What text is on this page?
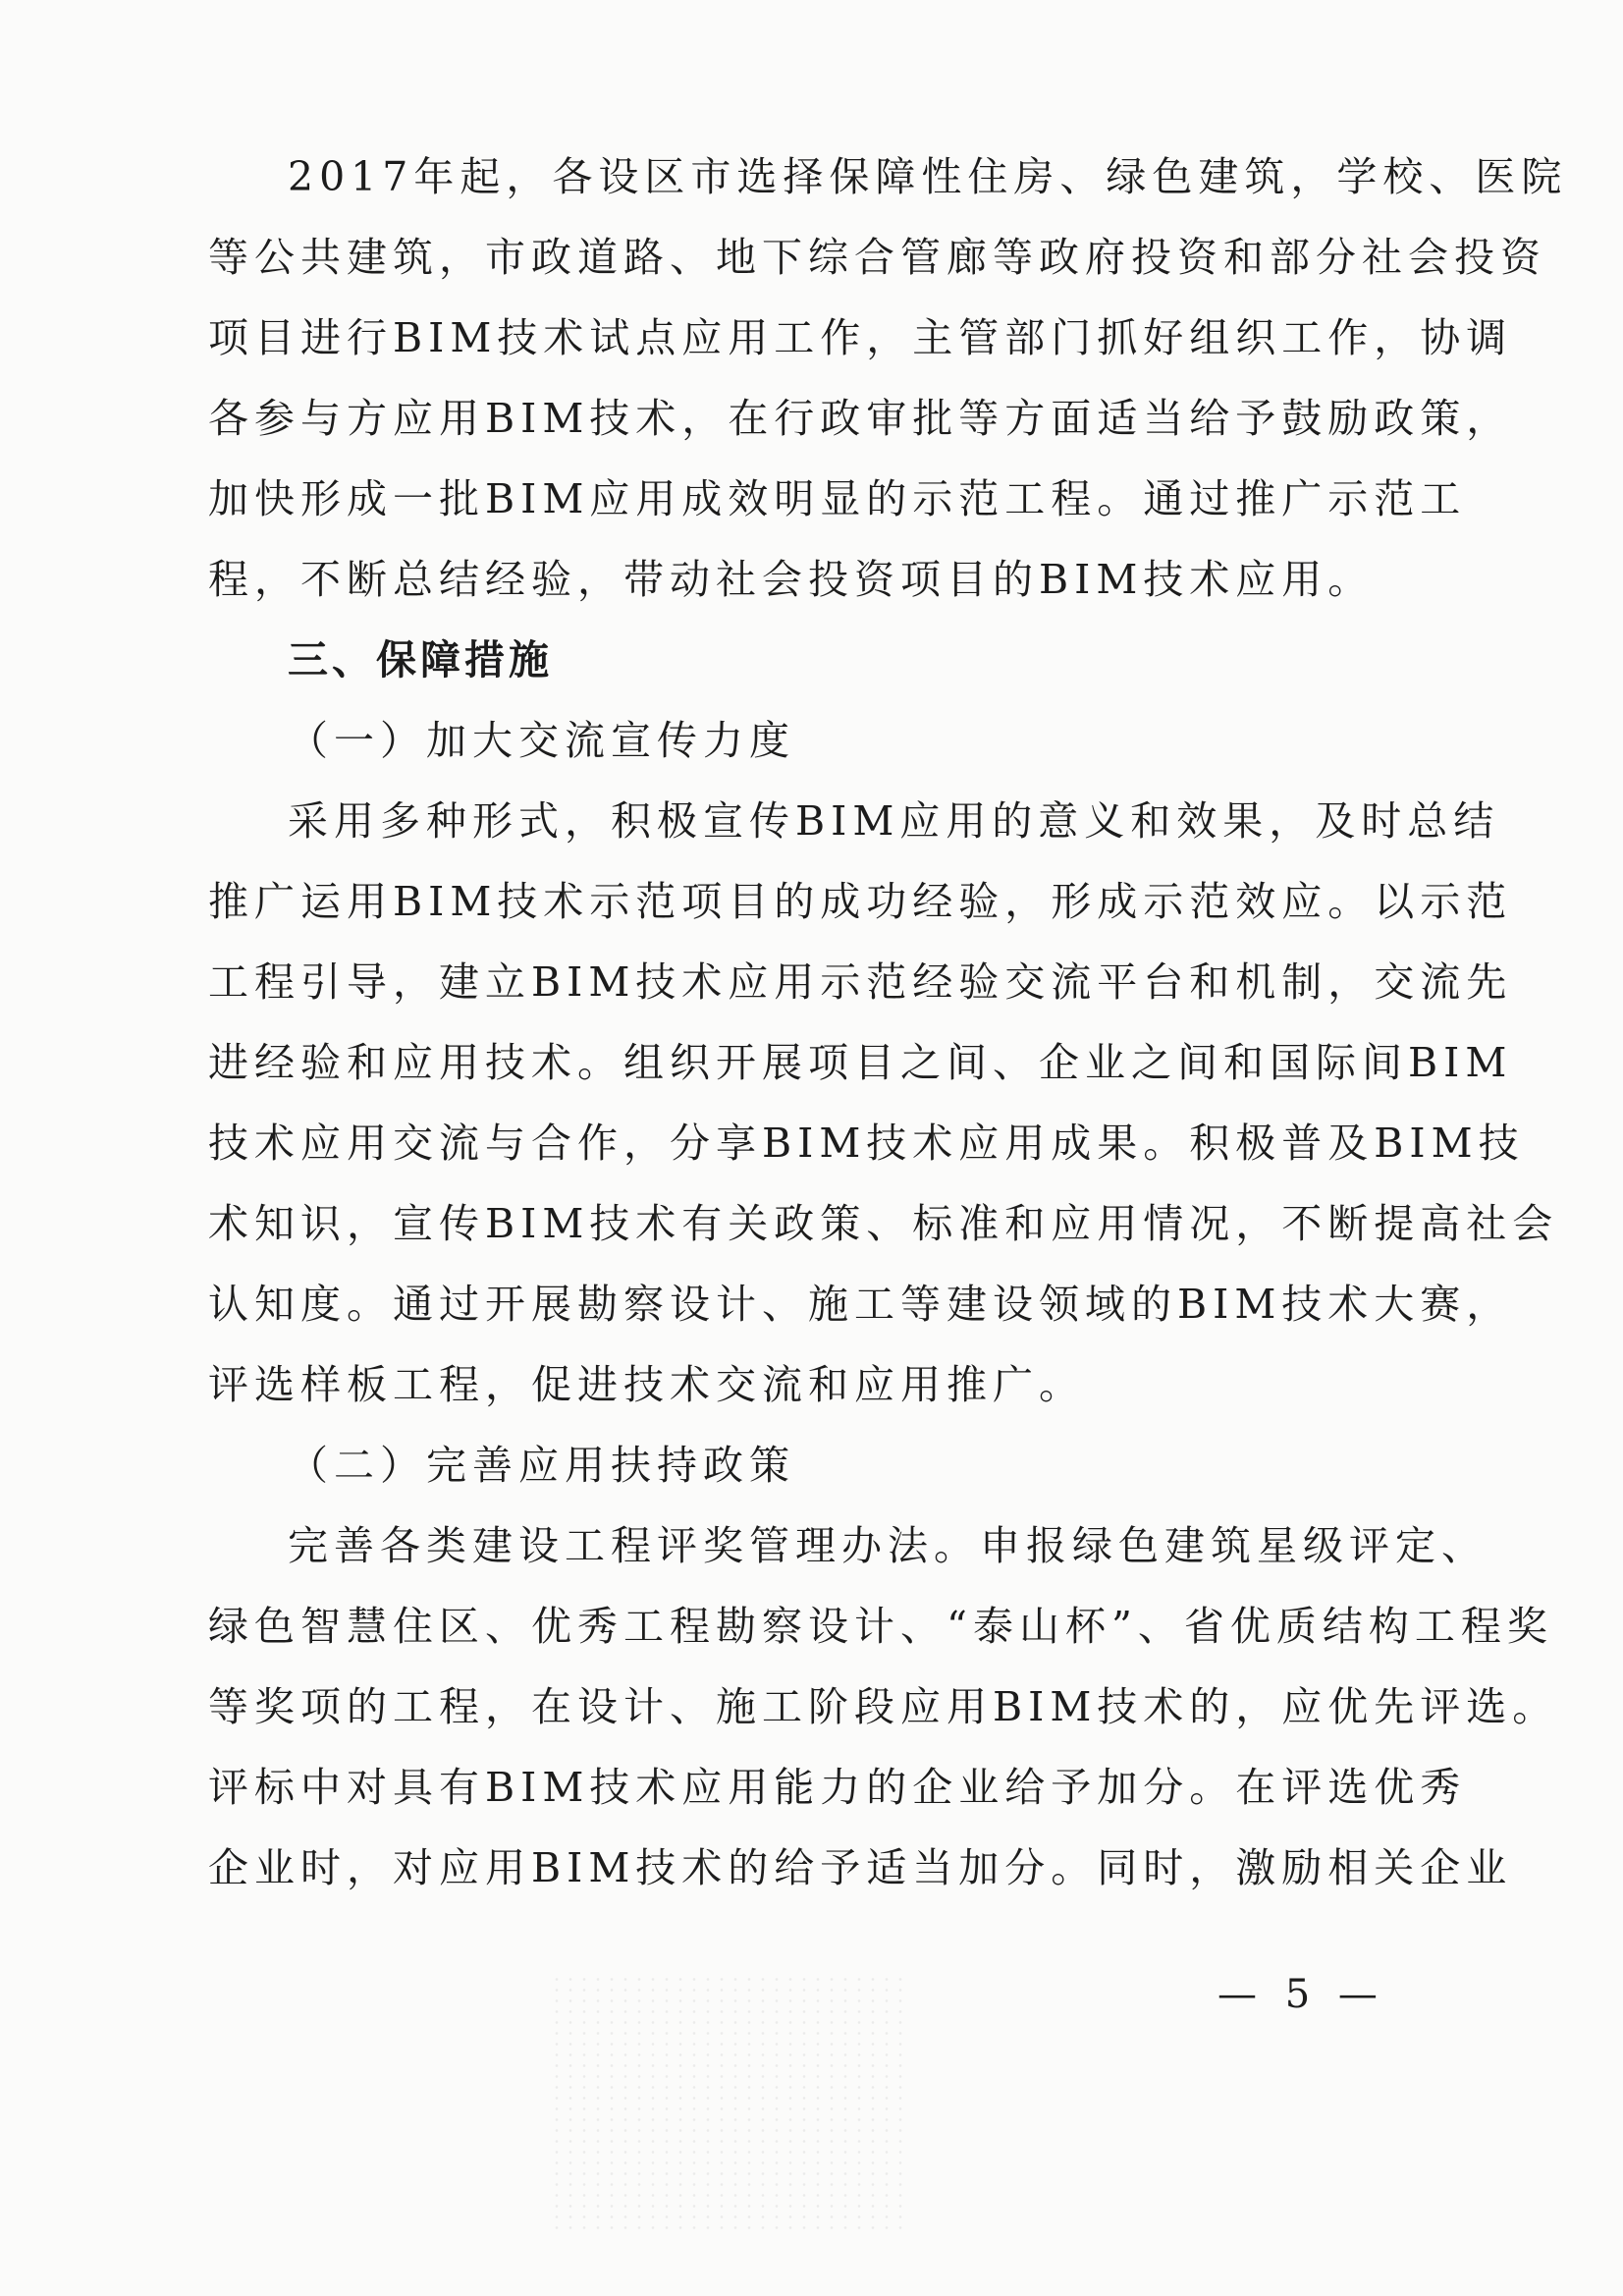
2017年起，各设区市选择保障性住房、绿色建筑，学校、医院
等公共建筑，市政道路、地下综合管廊等政府投资和部分社会投资
项目进行BIM技术试点应用工作，主管部门抓好组织工作，协调
各参与方应用BIM技术，在行政审批等方面适当给予鼓励政策，
加快形成一批BIM应用成效明显的示范工程。通过推广示范工
程，不断总结经验，带动社会投资项目的BIM技术应用。
三、保障措施
（一）加大交流宣传力度
采用多种形式，积极宣传BIM应用的意义和效果，及时总结
推广运用BIM技术示范项目的成功经验，形成示范效应。以示范
工程引导，建立BIM技术应用示范经验交流平台和机制，交流先
进经验和应用技术。组织开展项目之间、企业之间和国际间BIM
技术应用交流与合作，分享BIM技术应用成果。积极普及BIM技
术知识，宣传BIM技术有关政策、标准和应用情况，不断提高社会
认知度。通过开展勘察设计、施工等建设领域的BIM技术大赛，
评选样板工程，促进技术交流和应用推广。
（二）完善应用扶持政策
完善各类建设工程评奖管理办法。申报绿色建筑星级评定、
绿色智慧住区、优秀工程勘察设计、“泰山杯”、省优质结构工程奖
等奖项的工程，在设计、施工阶段应用BIM技术的，应优先评选。
评标中对具有BIM技术应用能力的企业给予加分。在评选优秀
企业时，对应用BIM技术的给予适当加分。同时，激励相关企业
— 5 —
